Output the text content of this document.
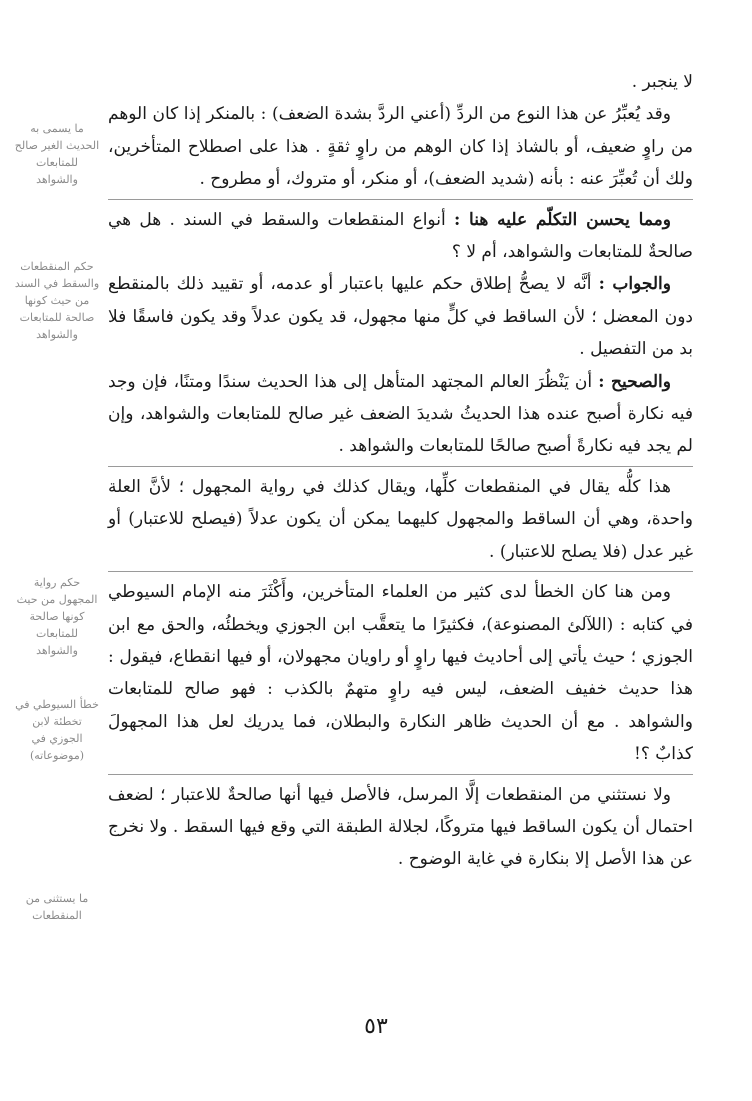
ما يسمى به الحديث الغير صالح للمتابعات والشواهد
حكم المنقطعات والسقط في السند من حيث كونها صالحة للمتابعات والشواهد
حكم رواية المجهول من حيث كونها صالحة للمتابعات والشواهد
خطأ السيوطي في تخطئة لابن الجوزي في (موضوعاته)
ما يستثنى من المنقطعات

لا ينجبر .

وقد يُعبِّرُ عن هذا النوع من الردِّ (أعني الردَّ بشدة الضعف) : بالمنكر إذا كان الوهم من راوٍ ضعيف، أو بالشاذ إذا كان الوهم من راوٍ ثقةٍ . هذا على اصطلاح المتأخرين، ولك أن تُعبِّرَ عنه : بأنه (شديد الضعف)، أو منكر، أو متروك، أو مطروح .

ومما يحسن التكلّم عليه هنا : أنواع المنقطعات والسقط في السند . هل هي صالحةٌ للمتابعات والشواهد، أم لا ؟

والجواب : أنَّه لا يصحُّ إطلاق حكم عليها باعتبار أو عدمه، أو تقييد ذلك بالمنقطع دون المعضل ؛ لأن الساقط في كلٍّ منها مجهول، قد يكون عدلاً وقد يكون فاسقًا فلا بد من التفصيل .

والصحيح : أن يَنْظُرَ العالم المجتهد المتأهل إلى هذا الحديث سندًا ومتنًا، فإن وجد فيه نكارة أصبح عنده هذا الحديثُ شديدَ الضعف غير صالح للمتابعات والشواهد، وإن لم يجد فيه نكارةً أصبح صالحًا للمتابعات والشواهد .

هذا كلُّه يقال في المنقطعات كلِّها، ويقال كذلك في رواية المجهول ؛ لأنَّ العلة واحدة، وهي أن الساقط والمجهول كليهما يمكن أن يكون عدلاً (فيصلح للاعتبار) أو غير عدل (فلا يصلح للاعتبار) .

ومن هنا كان الخطأ لدى كثير من العلماء المتأخرين، وأَكْثَرَ منه الإمام السيوطي في كتابه : (اللآلئ المصنوعة)، فكثيرًا ما يتعقَّب ابن الجوزي ويخطئُه، والحق مع ابن الجوزي ؛ حيث يأتي إلى أحاديث فيها راوٍ أو راويان مجهولان، أو فيها انقطاع، فيقول : هذا حديث خفيف الضعف، ليس فيه راوٍ متهمٌ بالكذب : فهو صالح للمتابعات والشواهد . مع أن الحديث ظاهر النكارة والبطلان، فما يدريك لعل هذا المجهولَ كذابٌ ؟!

ولا نستثني من المنقطعات إلَّا المرسل، فالأصل فيها أنها صالحةٌ للاعتبار ؛ لضعف احتمال أن يكون الساقط فيها متروكًا، لجلالة الطبقة التي وقع فيها السقط . ولا نخرج عن هذا الأصل إلا بنكارة في غاية الوضوح .

٥٣
